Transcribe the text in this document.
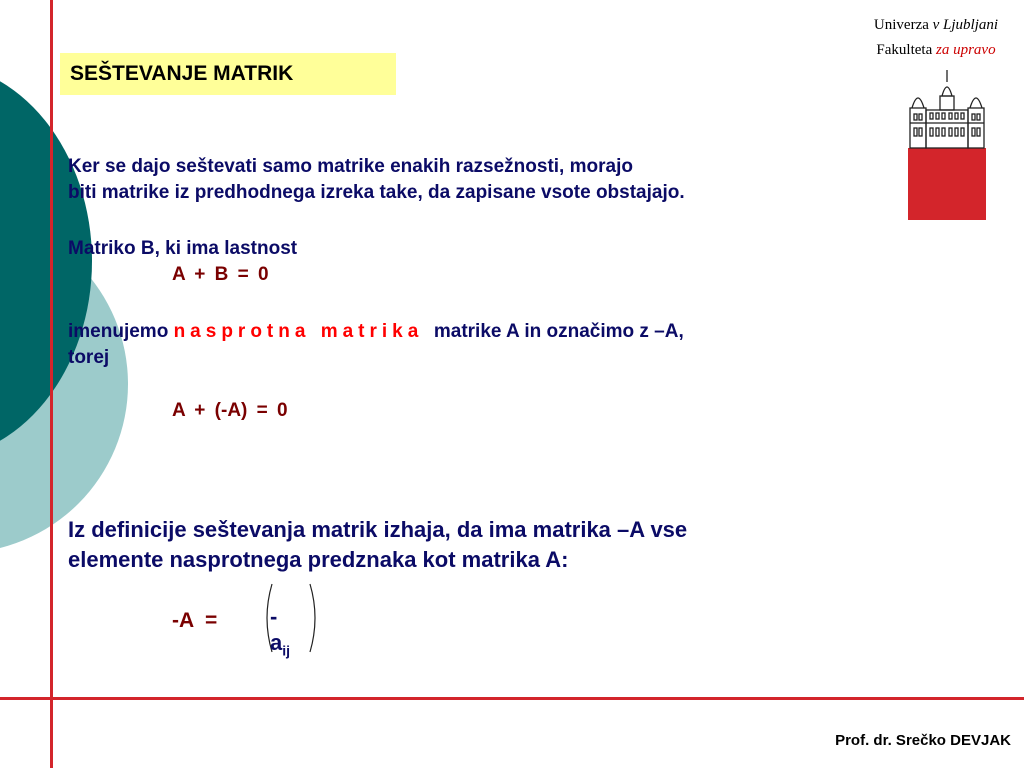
SEŠTEVANJE MATRIK
Univerza v Ljubljani
Fakulteta za upravo
Ker se dajo seštevati samo matrike enakih razsežnosti, morajo
biti matrike iz predhodnega izreka take, da zapisane vsote obstajajo.
Matriko B, ki ima lastnost
A + B = 0
imenujemo nasprotna matrika  matrike A in označimo z –A,
torej
A + (-A) = 0
Iz definicije seštevanja matrik izhaja, da ima matrika –A vse
elemente nasprotnega predznaka kot matrika A:
$-A = -a_{ij}$
Prof. dr. Srečko DEVJAK
